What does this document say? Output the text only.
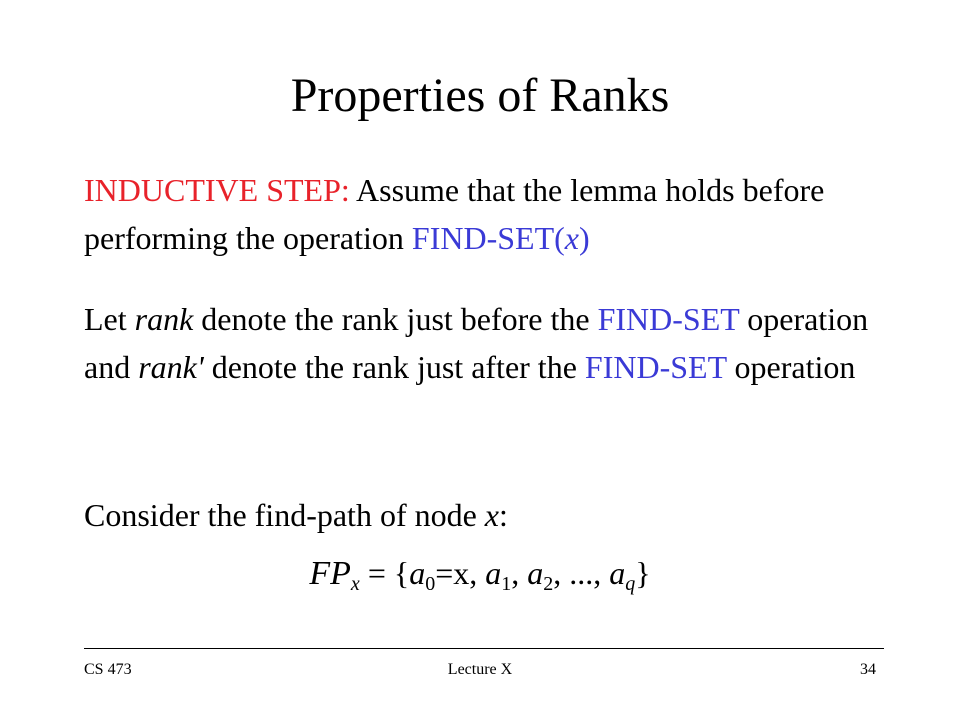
Properties of Ranks
INDUCTIVE STEP: Assume that the lemma holds before performing the operation FIND-SET(x)
Let rank denote the rank just before the FIND-SET operation and rank' denote the rank just after the FIND-SET operation
Consider the find-path of node x:
$FP_x = \{a_0=x$, $a_1$, $a_2$, ..., $a_q$}
CS 473	Lecture X	34
